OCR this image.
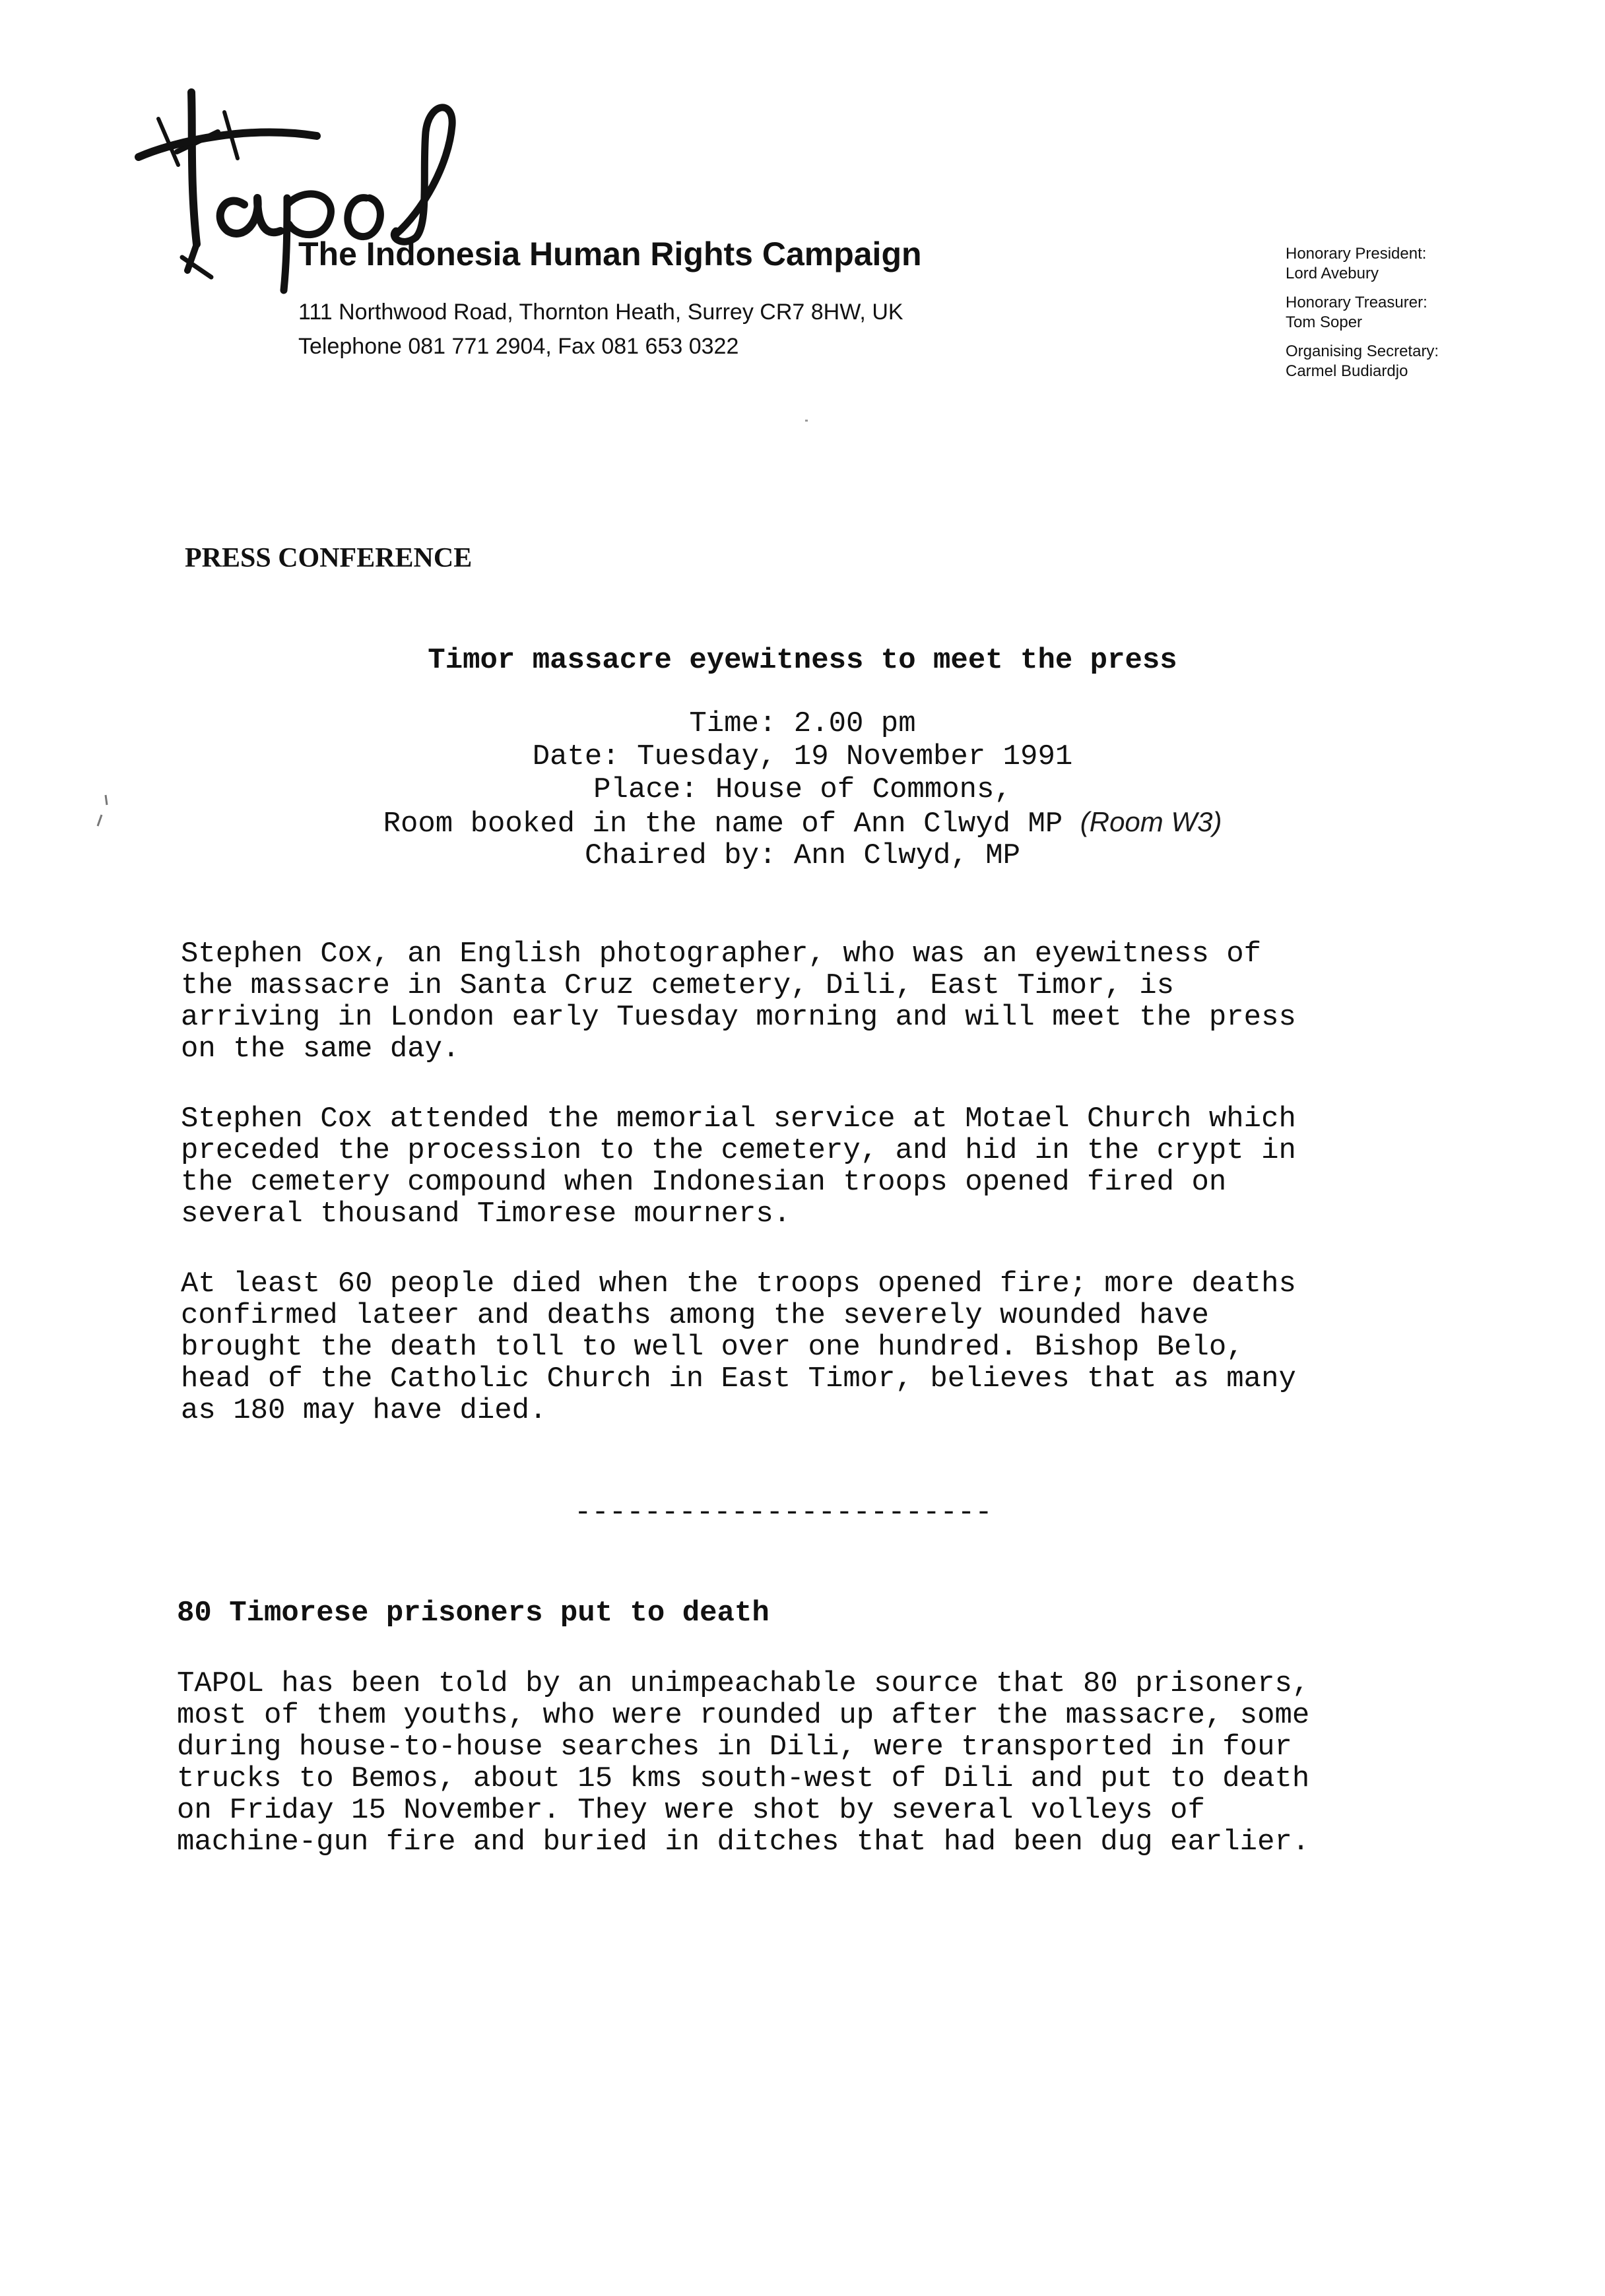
The Indonesia Human Rights Campaign
111 Northwood Road, Thornton Heath, Surrey CR7 8HW, UK
Telephone 081 771 2904, Fax 081 653 0322
Honorary President:
Lord Avebury
Honorary Treasurer:
Tom Soper
Organising Secretary:
Carmel Budiardjo
PRESS CONFERENCE
Timor massacre eyewitness to meet the press
Time: 2.00 pm
Date: Tuesday, 19 November 1991
Place: House of Commons,
Room booked in the name of Ann Clwyd MP (Room W3)
Chaired by: Ann Clwyd, MP
Stephen Cox, an English photographer, who was an eyewitness of
the massacre in Santa Cruz cemetery, Dili, East Timor, is
arriving in London early Tuesday morning and will meet the press
on the same day.
Stephen Cox attended the memorial service at Motael Church which
preceded the procession to the cemetery, and hid in the crypt in
the cemetery compound when Indonesian troops opened fired on
several thousand Timorese mourners.
At least 60 people died when the troops opened fire; more deaths
confirmed lateer and deaths among the severely wounded have
brought the death toll to well over one hundred. Bishop Belo,
head of the Catholic Church in East Timor, believes that as many
as 180 may have died.
------------------------
80 Timorese prisoners put to death
TAPOL has been told by an unimpeachable source that 80 prisoners,
most of them youths, who were rounded up after the massacre, some
during house-to-house searches in Dili, were transported in four
trucks to Bemos, about 15 kms south-west of Dili and put to death
on Friday 15 November. They were shot by several volleys of
machine-gun fire and buried in ditches that had been dug earlier.
